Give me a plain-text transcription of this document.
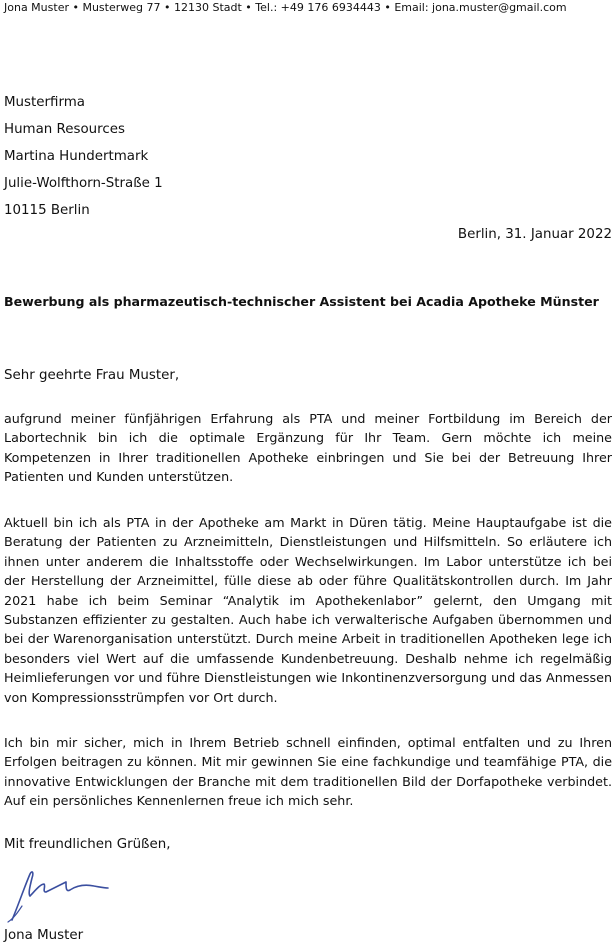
Jona Muster • Musterweg 77 • 12130 Stadt • Tel.: +49 176 6934443 • Email: jona.muster@gmail.com
Musterfirma
Human Resources
Martina Hundertmark
Julie-Wolfthorn-Straße 1
10115 Berlin
Berlin, 31. Januar 2022
Bewerbung als pharmazeutisch-technischer Assistent bei Acadia Apotheke Münster
Sehr geehrte Frau Muster,

aufgrund meiner fünfjährigen Erfahrung als PTA und meiner Fortbildung im Bereich der Labortechnik bin ich die optimale Ergänzung für Ihr Team. Gern möchte ich meine Kompetenzen in Ihrer traditionellen Apotheke einbringen und Sie bei der Betreuung Ihrer Patienten und Kunden unterstützen.

Aktuell bin ich als PTA in der Apotheke am Markt in Düren tätig. Meine Hauptaufgabe ist die Beratung der Patienten zu Arzneimitteln, Dienstleistungen und Hilfsmitteln. So erläutere ich ihnen unter anderem die Inhaltsstoffe oder Wechselwirkungen. Im Labor unterstütze ich bei der Herstellung der Arzneimittel, fülle diese ab oder führe Qualitätskontrollen durch. Im Jahr 2021 habe ich beim Seminar “Analytik im Apothekenlabor” gelernt, den Umgang mit Substanzen effizienter zu gestalten. Auch habe ich verwalterische Aufgaben übernommen und bei der Warenorganisation unterstützt. Durch meine Arbeit in traditionellen Apotheken lege ich besonders viel Wert auf die umfassende Kundenbetreuung. Deshalb nehme ich regelmäßig Heimlieferungen vor und führe Dienstleistungen wie Inkontinenzversorgung und das Anmessen von Kompressionsstrümpfen vor Ort durch.

Ich bin mir sicher, mich in Ihrem Betrieb schnell einfinden, optimal entfalten und zu Ihren Erfolgen beitragen zu können. Mit mir gewinnen Sie eine fachkundige und teamfähige PTA, die innovative Entwicklungen der Branche mit dem traditionellen Bild der Dorfapotheke verbindet. Auf ein persönliches Kennenlernen freue ich mich sehr.

Mit freundlichen Grüßen,
Jona Muster
